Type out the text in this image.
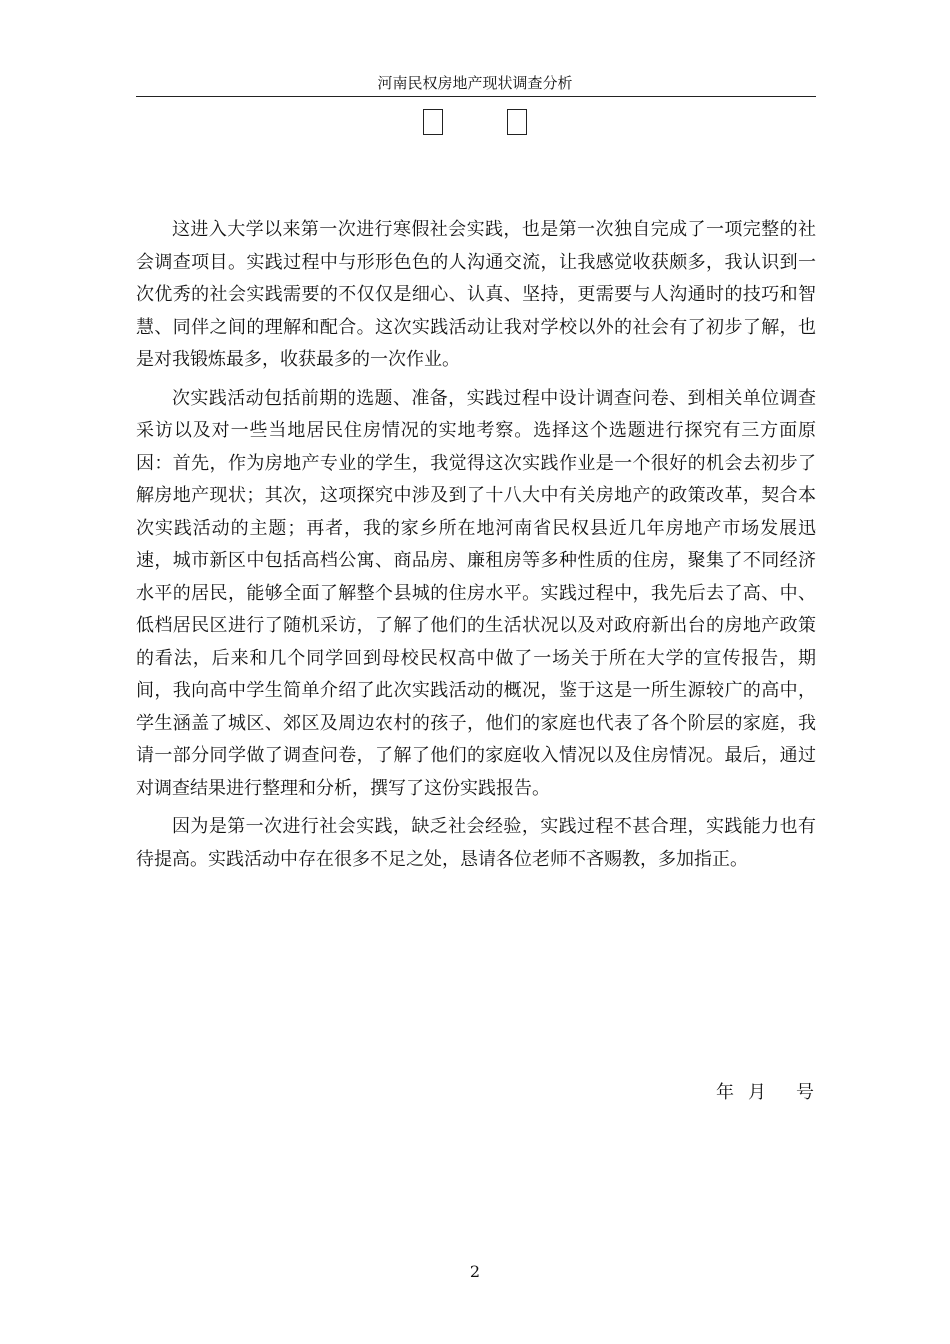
河南民权房地产现状调查分析

这进入大学以来第一次进行寒假社会实践，也是第一次独自完成了一项完整的社会调查项目。实践过程中与形形色色的人沟通交流，让我感觉收获颇多，我认识到一次优秀的社会实践需要的不仅仅是细心、认真、坚持，更需要与人沟通时的技巧和智慧、同伴之间的理解和配合。这次实践活动让我对学校以外的社会有了初步了解，也是对我锻炼最多，收获最多的一次作业。

次实践活动包括前期的选题、准备，实践过程中设计调查问卷、到相关单位调查采访以及对一些当地居民住房情况的实地考察。选择这个选题进行探究有三方面原因：首先，作为房地产专业的学生，我觉得这次实践作业是一个很好的机会去初步了解房地产现状；其次，这项探究中涉及到了十八大中有关房地产的政策改革，契合本次实践活动的主题；再者，我的家乡所在地河南省民权县近几年房地产市场发展迅速，城市新区中包括高档公寓、商品房、廉租房等多种性质的住房，聚集了不同经济水平的居民，能够全面了解整个县城的住房水平。实践过程中，我先后去了高、中、低档居民区进行了随机采访，了解了他们的生活状况以及对政府新出台的房地产政策的看法，后来和几个同学回到母校民权高中做了一场关于所在大学的宣传报告，期间，我向高中学生简单介绍了此次实践活动的概况，鉴于这是一所生源较广的高中，学生涵盖了城区、郊区及周边农村的孩子，他们的家庭也代表了各个阶层的家庭，我请一部分同学做了调查问卷，了解了他们的家庭收入情况以及住房情况。最后，通过对调查结果进行整理和分析，撰写了这份实践报告。

因为是第一次进行社会实践，缺乏社会经验，实践过程不甚合理，实践能力也有待提高。实践活动中存在很多不足之处，恳请各位老师不吝赐教，多加指正。

年 月 号
2
